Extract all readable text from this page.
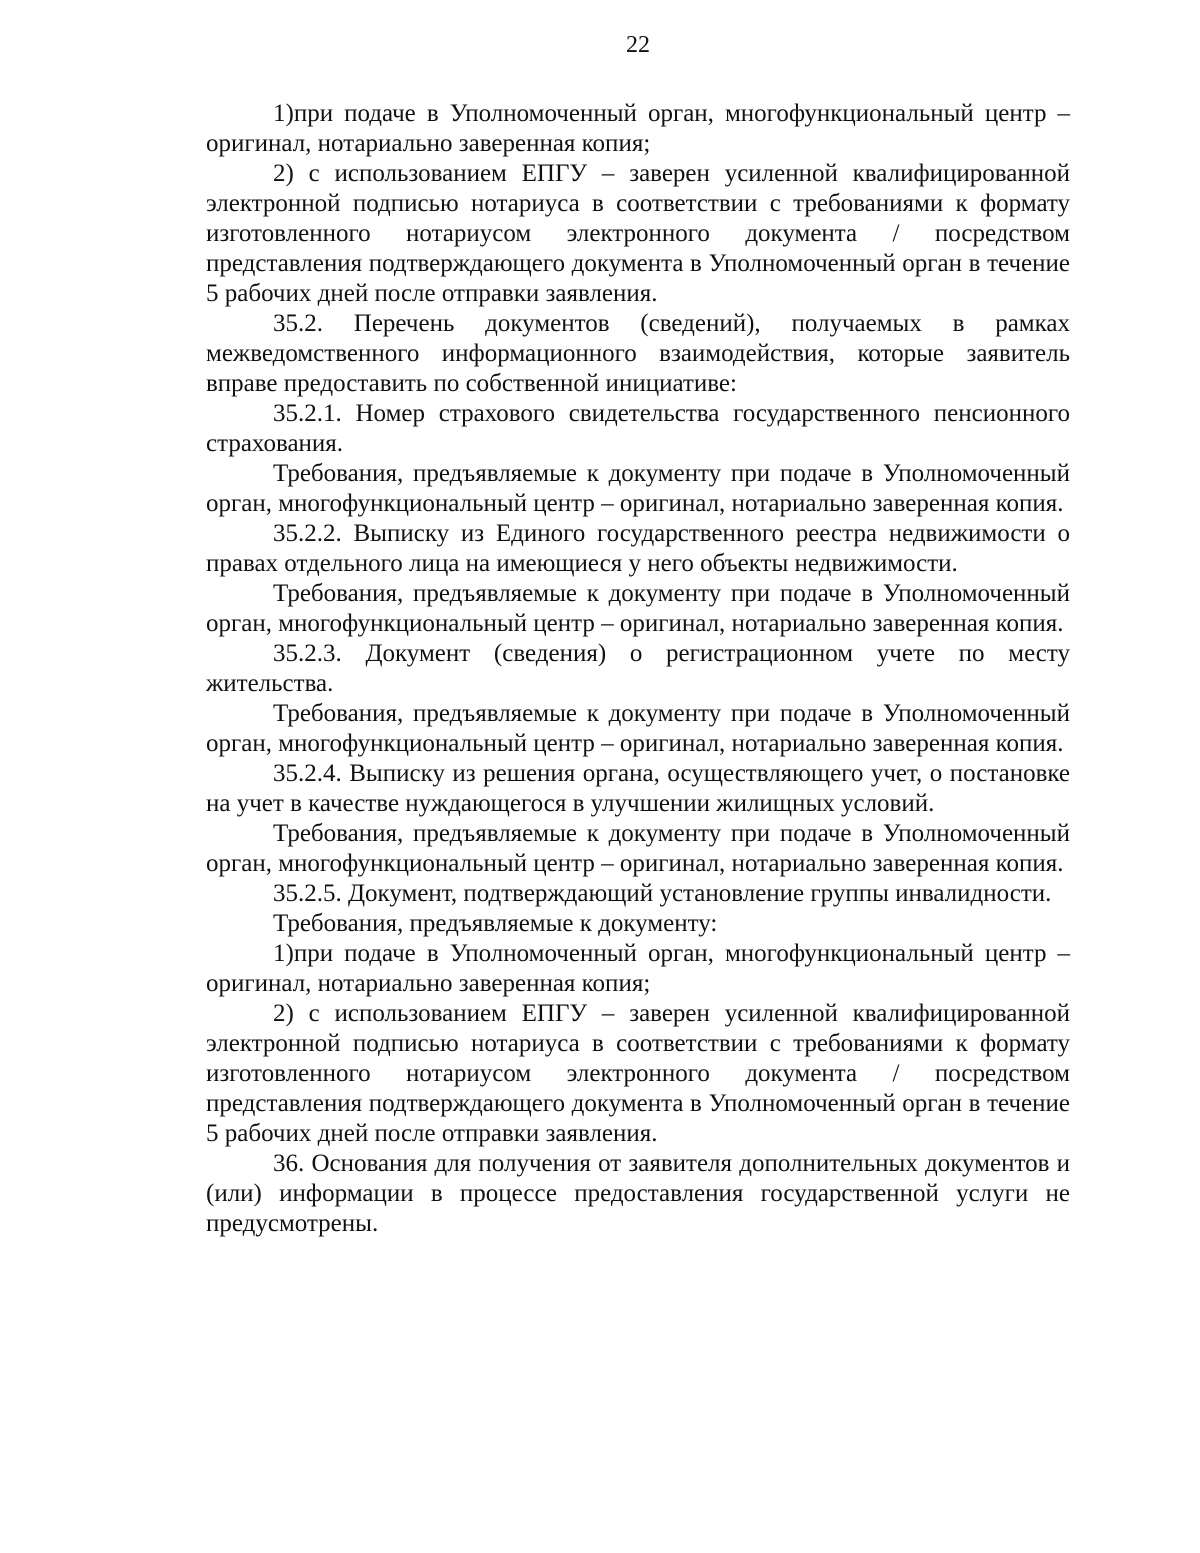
22

1)при подаче в Уполномоченный орган, многофункциональный центр – оригинал, нотариально заверенная копия;

2) с использованием ЕПГУ – заверен усиленной квалифицированной электронной подписью нотариуса в соответствии с требованиями к формату изготовленного нотариусом электронного документа / посредством представления подтверждающего документа в Уполномоченный орган в течение 5 рабочих дней после отправки заявления.

35.2. Перечень документов (сведений), получаемых в рамках межведомственного информационного взаимодействия, которые заявитель вправе предоставить по собственной инициативе:

35.2.1. Номер страхового свидетельства государственного пенсионного страхования.

Требования, предъявляемые к документу при подаче в Уполномоченный орган, многофункциональный центр – оригинал, нотариально заверенная копия.

35.2.2. Выписку из Единого государственного реестра недвижимости о правах отдельного лица на имеющиеся у него объекты недвижимости.

Требования, предъявляемые к документу при подаче в Уполномоченный орган, многофункциональный центр – оригинал, нотариально заверенная копия.

35.2.3. Документ (сведения) о регистрационном учете по месту жительства.

Требования, предъявляемые к документу при подаче в Уполномоченный орган, многофункциональный центр – оригинал, нотариально заверенная копия.

35.2.4. Выписку из решения органа, осуществляющего учет, о постановке на учет в качестве нуждающегося в улучшении жилищных условий.

Требования, предъявляемые к документу при подаче в Уполномоченный орган, многофункциональный центр – оригинал, нотариально заверенная копия.

35.2.5. Документ, подтверждающий установление группы инвалидности.

Требования, предъявляемые к документу:

1)при подаче в Уполномоченный орган, многофункциональный центр – оригинал, нотариально заверенная копия;

2) с использованием ЕПГУ – заверен усиленной квалифицированной электронной подписью нотариуса в соответствии с требованиями к формату изготовленного нотариусом электронного документа / посредством представления подтверждающего документа в Уполномоченный орган в течение 5 рабочих дней после отправки заявления.

36. Основания для получения от заявителя дополнительных документов и (или) информации в процессе предоставления государственной услуги не предусмотрены.
